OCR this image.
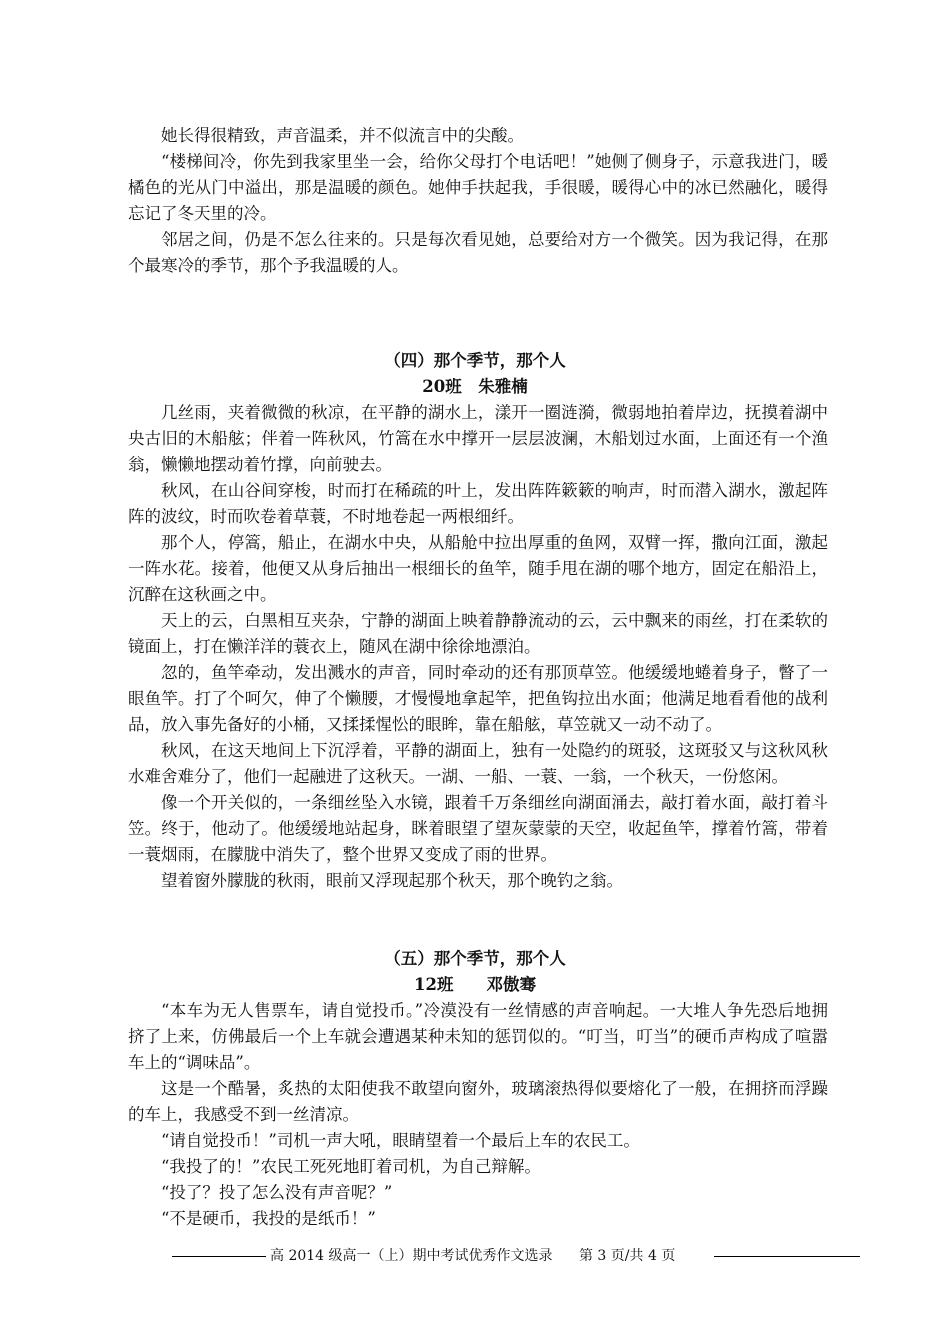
她长得很精致，声音温柔，并不似流言中的尖酸。

“楼梯间冷，你先到我家里坐一会，给你父母打个电话吧！”她侧了侧身子，示意我进门，暖橘色的光从门中溢出，那是温暖的颜色。她伸手扶起我，手很暖，暖得心中的冰已然融化，暖得忘记了冬天里的冷。

邻居之间，仍是不怎么往来的。只是每次看见她，总要给对方一个微笑。因为我记得，在那个最寒冷的季节，那个予我温暖的人。

（四）那个季节，那个人

20班　朱雅楠

几丝雨，夹着微微的秋凉，在平静的湖水上，漾开一圈涟漪，微弱地拍着岸边，抚摸着湖中央古旧的木船舷；伴着一阵秋风，竹篙在水中撑开一层层波澜，木船划过水面，上面还有一个渔翁，懒懒地摆动着竹撑，向前驶去。

秋风，在山谷间穿梭，时而打在稀疏的叶上，发出阵阵簌簌的响声，时而潜入湖水，激起阵阵的波纹，时而吹卷着草蓑，不时地卷起一两根细纤。

那个人，停篙，船止，在湖水中央，从船舱中拉出厚重的鱼网，双臂一挥，撒向江面，激起一阵水花。接着，他便又从身后抽出一根细长的鱼竿，随手甩在湖的哪个地方，固定在船沿上，沉醉在这秋画之中。

天上的云，白黑相互夹杂，宁静的湖面上映着静静流动的云，云中飘来的雨丝，打在柔软的镜面上，打在懒洋洋的蓑衣上，随风在湖中徐徐地漂泊。

忽的，鱼竿牵动，发出溅水的声音，同时牵动的还有那顶草笠。他缓缓地蜷着身子，瞥了一眼鱼竿。打了个呵欠，伸了个懒腰，才慢慢地拿起竿，把鱼钩拉出水面；他满足地看看他的战利品，放入事先备好的小桶，又揉揉惺忪的眼眸，靠在船舷，草笠就又一动不动了。

秋风，在这天地间上下沉浮着，平静的湖面上，独有一处隐约的斑驳，这斑驳又与这秋风秋水难舍难分了，他们一起融进了这秋天。一湖、一船、一蓑、一翁，一个秋天，一份悠闲。

像一个开关似的，一条细丝坠入水镜，跟着千万条细丝向湖面涌去，敲打着水面，敲打着斗笠。终于，他动了。他缓缓地站起身，眯着眼望了望灰蒙蒙的天空，收起鱼竿，撑着竹篙，带着一蓑烟雨，在朦胧中消失了，整个世界又变成了雨的世界。

望着窗外朦胧的秋雨，眼前又浮现起那个秋天，那个晚钓之翁。

（五）那个季节，那个人

12班　　邓傲骞

“本车为无人售票车，请自觉投币。”冷漠没有一丝情感的声音响起。一大堆人争先恐后地拥挤了上来，仿佛最后一个上车就会遭遇某种未知的惩罚似的。“叮当，叮当”的硬币声构成了喧嚣车上的“调味品”。

这是一个酷暑，炙热的太阳使我不敢望向窗外，玻璃滚热得似要熔化了一般，在拥挤而浮躁的车上，我感受不到一丝清凉。

“请自觉投币！”司机一声大吼，眼睛望着一个最后上车的农民工。

“我投了的！”农民工死死地盯着司机，为自己辩解。

“投了？投了怎么没有声音呢？”

“不是硬币，我投的是纸币！”

高 2014 级高一（上）期中考试优秀作文选录 第 3 页/共 4 页
